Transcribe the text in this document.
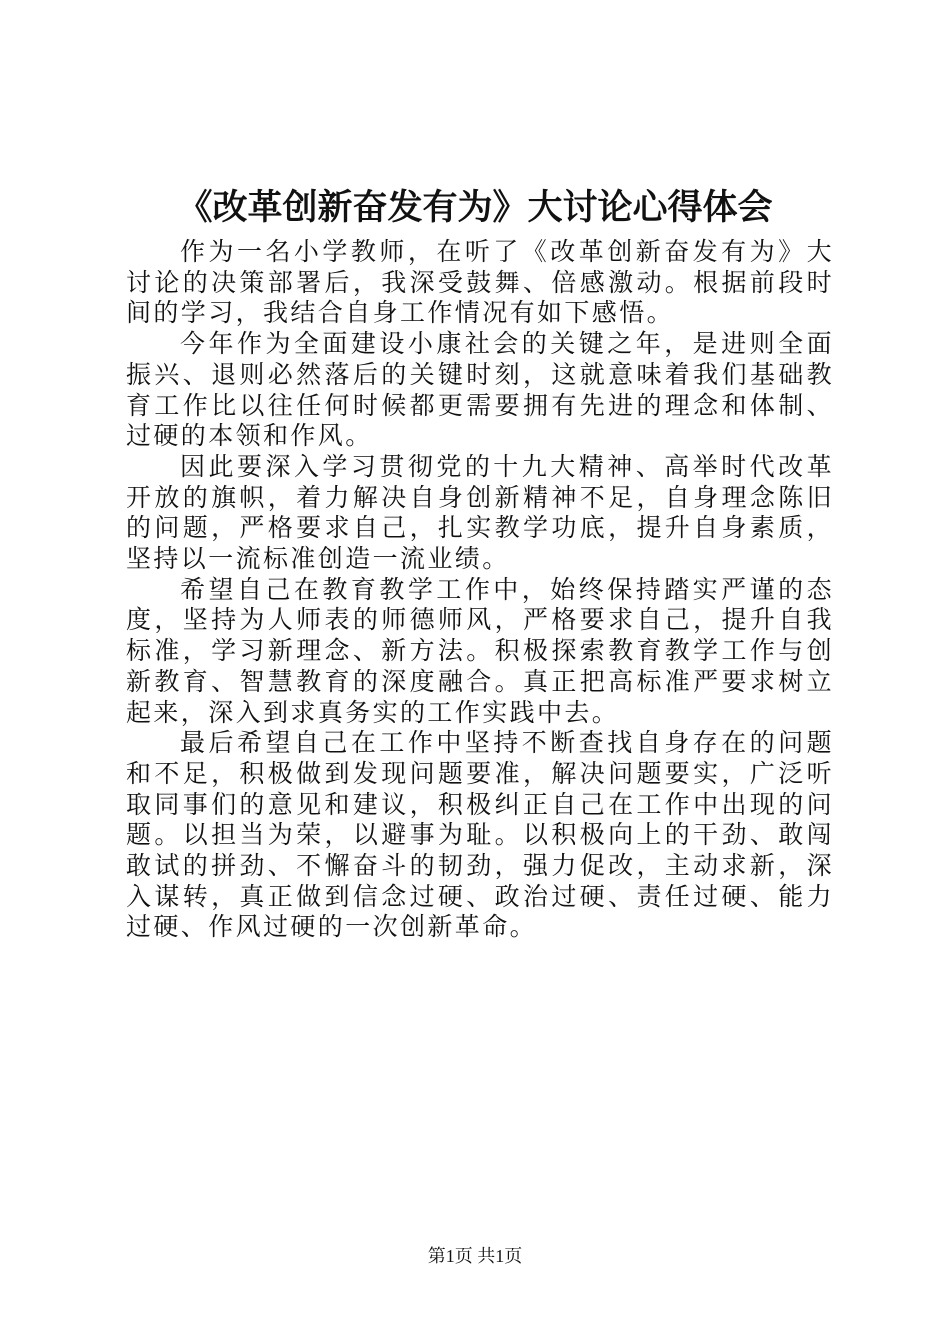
《改革创新奋发有为》大讨论心得体会

作为一名小学教师，在听了《改革创新奋发有为》大讨论的决策部署后，我深受鼓舞、倍感激动。根据前段时间的学习，我结合自身工作情况有如下感悟。

今年作为全面建设小康社会的关键之年，是进则全面振兴、退则必然落后的关键时刻，这就意味着我们基础教育工作比以往任何时候都更需要拥有先进的理念和体制、过硬的本领和作风。

因此要深入学习贯彻党的十九大精神、高举时代改革开放的旗帜，着力解决自身创新精神不足，自身理念陈旧的问题，严格要求自己，扎实教学功底，提升自身素质，坚持以一流标准创造一流业绩。

希望自己在教育教学工作中，始终保持踏实严谨的态度，坚持为人师表的师德师风，严格要求自己，提升自我标准，学习新理念、新方法。积极探索教育教学工作与创新教育、智慧教育的深度融合。真正把高标准严要求树立起来，深入到求真务实的工作实践中去。

最后希望自己在工作中坚持不断查找自身存在的问题和不足，积极做到发现问题要准，解决问题要实，广泛听取同事们的意见和建议，积极纠正自己在工作中出现的问题。以担当为荣，以避事为耻。以积极向上的干劲、敢闯敢试的拼劲、不懈奋斗的韧劲，强力促改，主动求新，深入谋转，真正做到信念过硬、政治过硬、责任过硬、能力过硬、作风过硬的一次创新革命。

第1页 共1页
